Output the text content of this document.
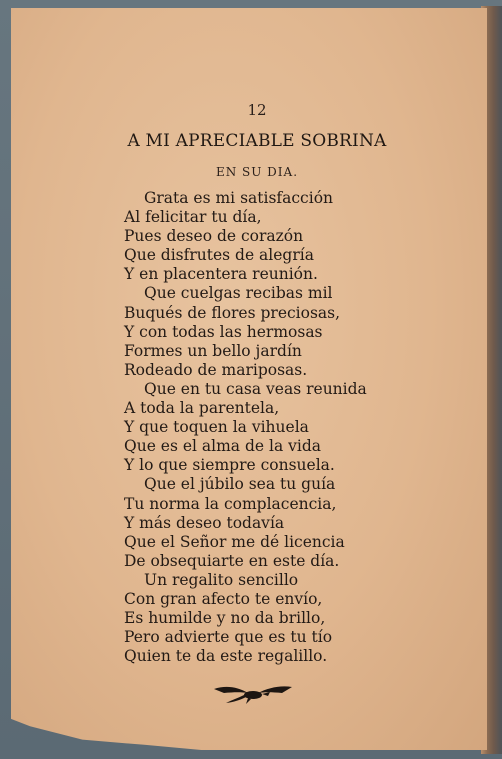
12
A MI APRECIABLE SOBRINA
EN SU DIA.
Grata es mi satisfacción
Al felicitar tu día,
Pues deseo de corazón
Que disfrutes de alegría
Y en placentera reunión.
Que cuelgas recibas mil
Buqués de flores preciosas,
Y con todas las hermosas
Formes un bello jardín
Rodeado de mariposas.
Que en tu casa veas reunida
A toda la parentela,
Y que toquen la vihuela
Que es el alma de la vida
Y lo que siempre consuela.
Que el júbilo sea tu guía
Tu norma la complacencia,
Y más deseo todavía
Que el Señor me dé licencia
De obsequiarte en este día.
Un regalito sencillo
Con gran afecto te envío,
Es humilde y no da brillo,
Pero advierte que es tu tío
Quien te da este regalillo.
